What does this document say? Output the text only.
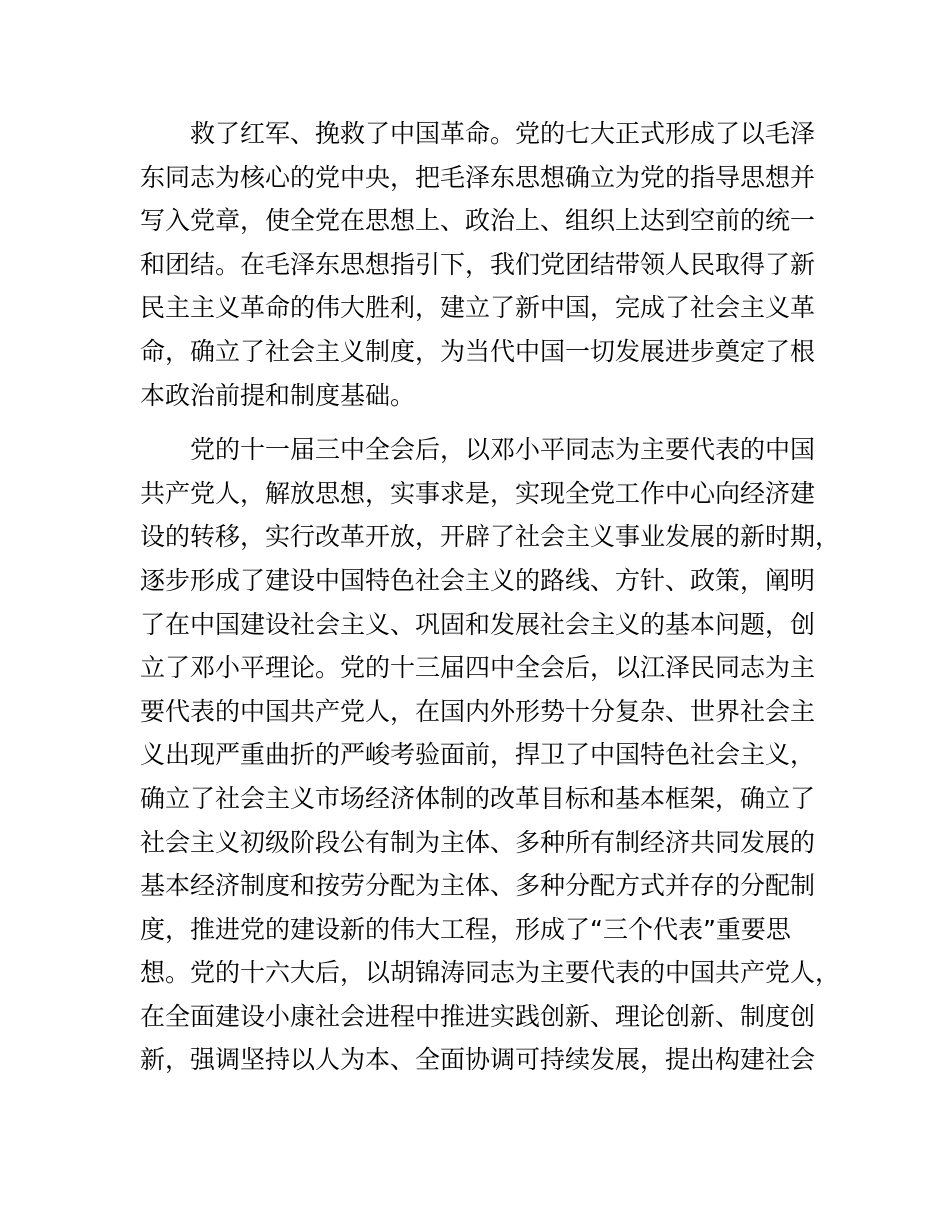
救了红军、挽救了中国革命。党的七大正式形成了以毛泽
东同志为核心的党中央，把毛泽东思想确立为党的指导思想并
写入党章，使全党在思想上、政治上、组织上达到空前的统一
和团结。在毛泽东思想指引下，我们党团结带领人民取得了新
民主主义革命的伟大胜利，建立了新中国，完成了社会主义革
命，确立了社会主义制度，为当代中国一切发展进步奠定了根
本政治前提和制度基础。

党的十一届三中全会后，以邓小平同志为主要代表的中国
共产党人，解放思想，实事求是，实现全党工作中心向经济建
设的转移，实行改革开放，开辟了社会主义事业发展的新时期，
逐步形成了建设中国特色社会主义的路线、方针、政策，阐明
了在中国建设社会主义、巩固和发展社会主义的基本问题，创
立了邓小平理论。党的十三届四中全会后，以江泽民同志为主
要代表的中国共产党人，在国内外形势十分复杂、世界社会主
义出现严重曲折的严峻考验面前，捍卫了中国特色社会主义，
确立了社会主义市场经济体制的改革目标和基本框架，确立了
社会主义初级阶段公有制为主体、多种所有制经济共同发展的
基本经济制度和按劳分配为主体、多种分配方式并存的分配制
度，推进党的建设新的伟大工程，形成了“三个代表”重要思
想。党的十六大后，以胡锦涛同志为主要代表的中国共产党人，
在全面建设小康社会进程中推进实践创新、理论创新、制度创
新，强调坚持以人为本、全面协调可持续发展，提出构建社会
